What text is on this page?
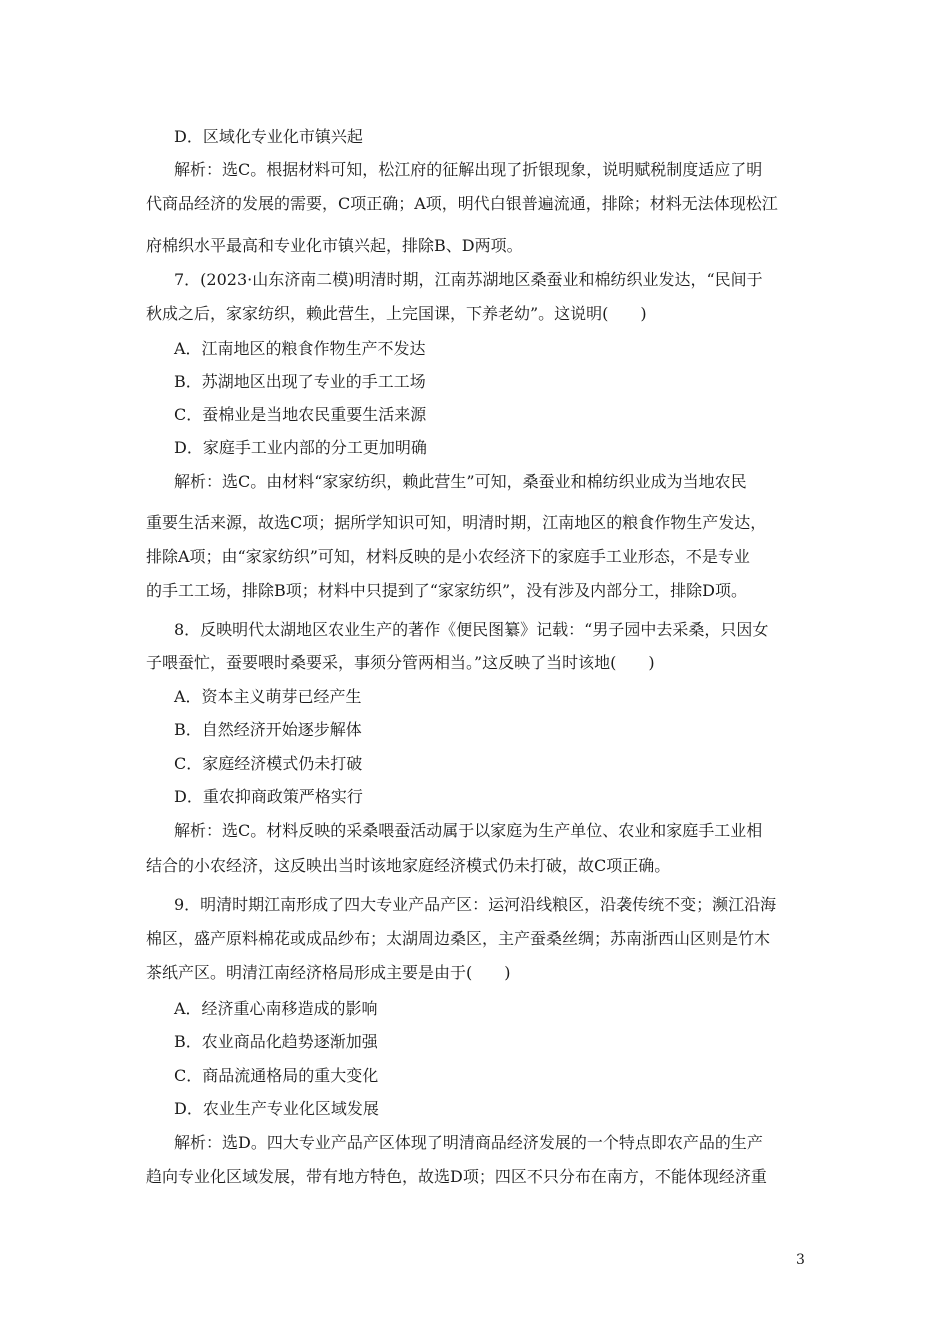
D．区域化专业化市镇兴起
解析：选C。根据材料可知，松江府的征解出现了折银现象，说明赋税制度适应了明
代商品经济的发展的需要，C项正确；A项，明代白银普遍流通，排除；材料无法体现松江
府棉织水平最高和专业化市镇兴起，排除B、D两项。
7．(2023·山东济南二模)明清时期，江南苏湖地区桑蚕业和棉纺织业发达，“民间于
秋成之后，家家纺织，赖此营生，上完国课，下养老幼”。这说明(　　)
A．江南地区的粮食作物生产不发达
B．苏湖地区出现了专业的手工工场
C．蚕棉业是当地农民重要生活来源
D．家庭手工业内部的分工更加明确
解析：选C。由材料“家家纺织，赖此营生”可知，桑蚕业和棉纺织业成为当地农民
重要生活来源，故选C项；据所学知识可知，明清时期，江南地区的粮食作物生产发达，
排除A项；由“家家纺织”可知，材料反映的是小农经济下的家庭手工业形态，不是专业
的手工工场，排除B项；材料中只提到了“家家纺织”，没有涉及内部分工，排除D项。
8．反映明代太湖地区农业生产的著作《便民图纂》记载：“男子园中去采桑，只因女
子喂蚕忙，蚕要喂时桑要采，事须分管两相当。”这反映了当时该地(　　)
A．资本主义萌芽已经产生
B．自然经济开始逐步解体
C．家庭经济模式仍未打破
D．重农抑商政策严格实行
解析：选C。材料反映的采桑喂蚕活动属于以家庭为生产单位、农业和家庭手工业相
结合的小农经济，这反映出当时该地家庭经济模式仍未打破，故C项正确。
9．明清时期江南形成了四大专业产品产区：运河沿线粮区，沿袭传统不变；濒江沿海
棉区，盛产原料棉花或成品纱布；太湖周边桑区，主产蚕桑丝绸；苏南浙西山区则是竹木
茶纸产区。明清江南经济格局形成主要是由于(　　)
A．经济重心南移造成的影响
B．农业商品化趋势逐渐加强
C．商品流通格局的重大变化
D．农业生产专业化区域发展
解析：选D。四大专业产品产区体现了明清商品经济发展的一个特点即农产品的生产
趋向专业化区域发展，带有地方特色，故选D项；四区不只分布在南方，不能体现经济重
3
